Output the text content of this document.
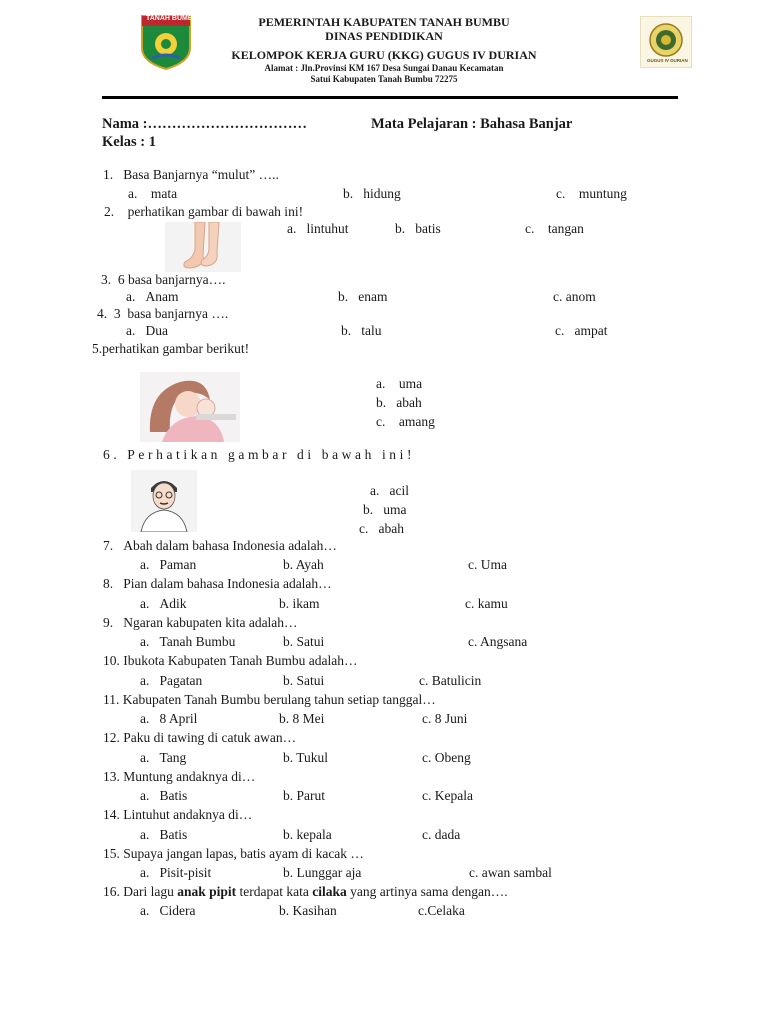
TANAH BUMBU
GUGUS IV DURIAN
PEMERINTAH KABUPATEN TANAH BUMBU
DINAS PENDIDIKAN
KELOMPOK KERJA GURU (KKG) GUGUS IV DURIAN
Alamat : Jln.Provinsi KM 167 Desa Sungai Danau Kecamatan
Satui Kabupaten Tanah Bumbu 72275
Nama :……………………………	Mata Pelajaran : Bahasa Banjar
Kelas : 1
1.   Basa Banjarnya “mulut” …..
a.    mata	b.   hidung	c.    muntung
2.    perhatikan gambar di bawah ini!
a.   lintuhut	b.   batis	c.    tangan
3.  6 basa banjarnya….
a.   Anam	b.   enam	c. anom
4.  3  basa banjarnya ….
a.   Dua	b.   talu	c.   ampat
5.perhatikan gambar berikut!
a.    uma
b.   abah
c.    amang
6. Perhatikan gambar di bawah ini!
a.   acil
b.   uma
c.   abah
7.   Abah dalam bahasa Indonesia adalah…
a.   Paman	b. Ayah	c. Uma
8.   Pian dalam bahasa Indonesia adalah…
a.   Adik	b. ikam	c. kamu
9.   Ngaran kabupaten kita adalah…
a.   Tanah Bumbu	b. Satui	c. Angsana
10. Ibukota Kabupaten Tanah Bumbu adalah…
a.   Pagatan	b. Satui	c. Batulicin
11. Kabupaten Tanah Bumbu berulang tahun setiap tanggal…
a.   8 April	b. 8 Mei	c. 8 Juni
12. Paku di tawing di catuk awan…
a.   Tang	b. Tukul	c. Obeng
13. Muntung andaknya di…
a.   Batis	b. Parut	c. Kepala
14. Lintuhut andaknya di…
a.   Batis	b. kepala	c. dada
15. Supaya jangan lapas, batis ayam di kacak …
a.   Pisit-pisit	b. Lunggar aja	c. awan sambal
16. Dari lagu anak pipit terdapat kata cilaka yang artinya sama dengan….
a.   Cidera	b. Kasihan	c.Celaka
